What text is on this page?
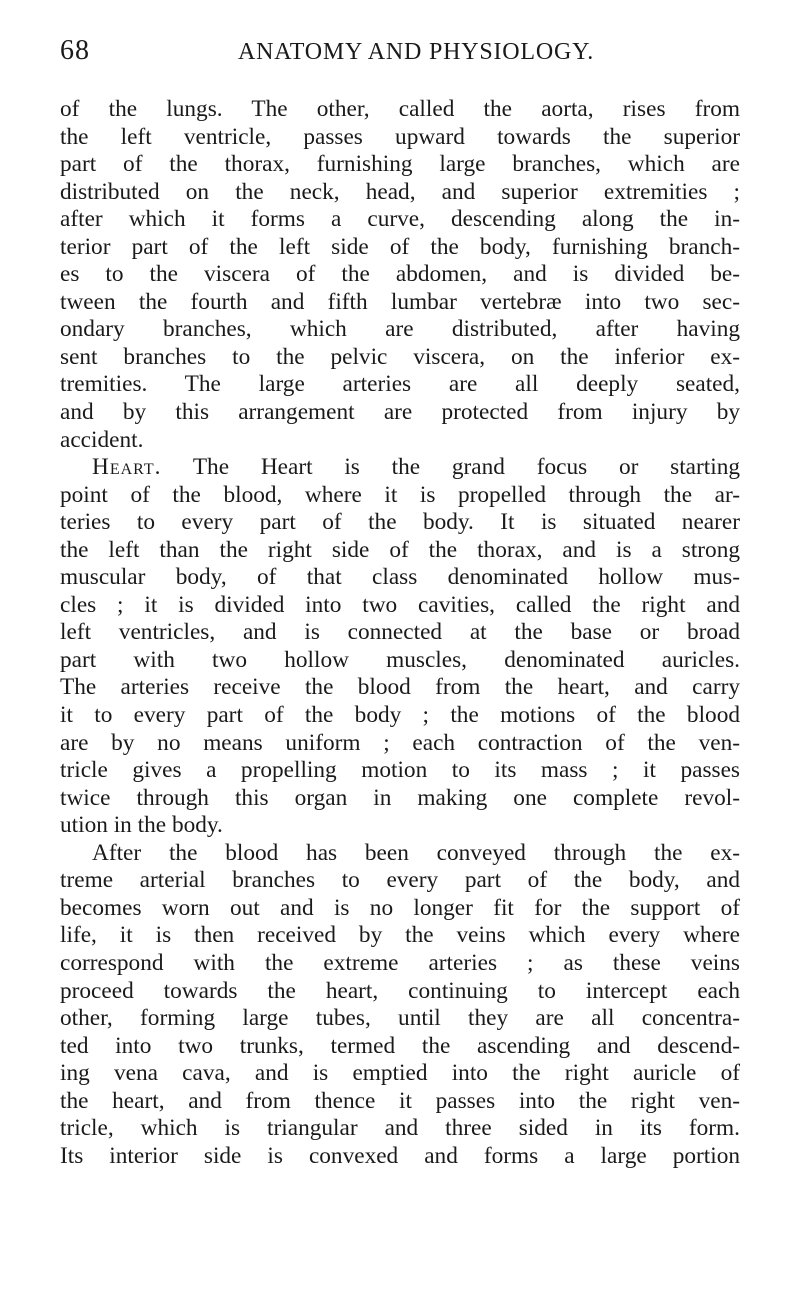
68	ANATOMY AND PHYSIOLOGY.
of the lungs. The other, called the aorta, rises from
the left ventricle, passes upward towards the superior
part of the thorax, furnishing large branches, which are
distributed on the neck, head, and superior extremities ;
after which it forms a curve, descending along the in-
terior part of the left side of the body, furnishing branch-
es to the viscera of the abdomen, and is divided be-
tween the fourth and fifth lumbar vertebræ into two sec-
ondary branches, which are distributed, after having
sent branches to the pelvic viscera, on the inferior ex-
tremities. The large arteries are all deeply seated,
and by this arrangement are protected from injury by
accident.
Heart. The Heart is the grand focus or starting
point of the blood, where it is propelled through the ar-
teries to every part of the body. It is situated nearer
the left than the right side of the thorax, and is a strong
muscular body, of that class denominated hollow mus-
cles ; it is divided into two cavities, called the right and
left ventricles, and is connected at the base or broad
part with two hollow muscles, denominated auricles.
The arteries receive the blood from the heart, and carry
it to every part of the body ; the motions of the blood
are by no means uniform ; each contraction of the ven-
tricle gives a propelling motion to its mass ; it passes
twice through this organ in making one complete revol-
ution in the body.
After the blood has been conveyed through the ex-
treme arterial branches to every part of the body, and
becomes worn out and is no longer fit for the support of
life, it is then received by the veins which every where
correspond with the extreme arteries ; as these veins
proceed towards the heart, continuing to intercept each
other, forming large tubes, until they are all concentra-
ted into two trunks, termed the ascending and descend-
ing vena cava, and is emptied into the right auricle of
the heart, and from thence it passes into the right ven-
tricle, which is triangular and three sided in its form.
Its interior side is convexed and forms a large portion
